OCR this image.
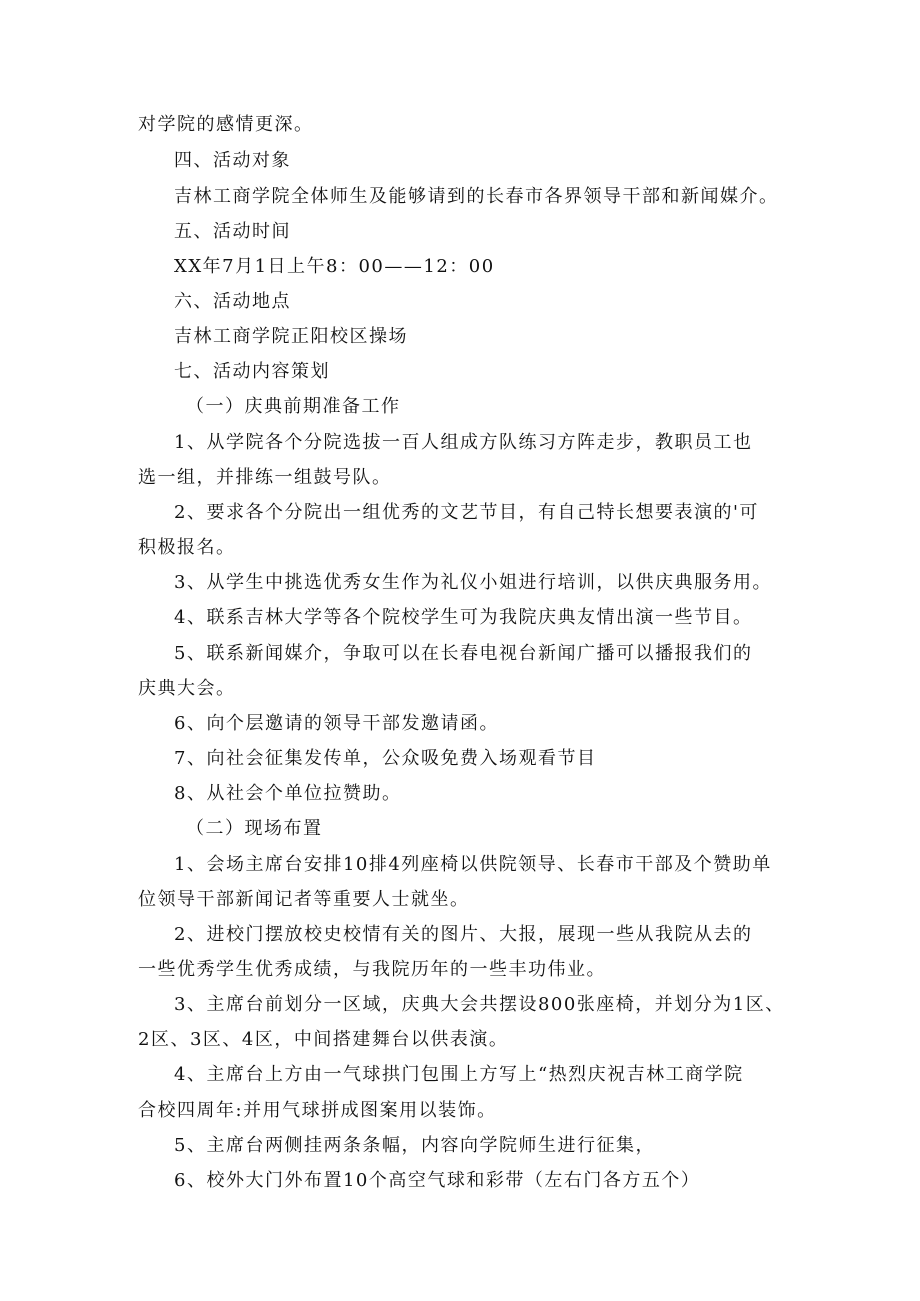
对学院的感情更深。
四、活动对象
吉林工商学院全体师生及能够请到的长春市各界领导干部和新闻媒介。
五、活动时间
XX年7月1日上午8：00——12：00
六、活动地点
吉林工商学院正阳校区操场
七、活动内容策划
（一）庆典前期准备工作
1、从学院各个分院选拔一百人组成方队练习方阵走步，教职员工也
选一组，并排练一组鼓号队。
2、要求各个分院出一组优秀的文艺节目，有自己特长想要表演的'可
积极报名。
3、从学生中挑选优秀女生作为礼仪小姐进行培训，以供庆典服务用。
4、联系吉林大学等各个院校学生可为我院庆典友情出演一些节目。
5、联系新闻媒介，争取可以在长春电视台新闻广播可以播报我们的
庆典大会。
6、向个层邀请的领导干部发邀请函。
7、向社会征集发传单，公众吸免费入场观看节目
8、从社会个单位拉赞助。
（二）现场布置
1、会场主席台安排10排4列座椅以供院领导、长春市干部及个赞助单
位领导干部新闻记者等重要人士就坐。
2、进校门摆放校史校情有关的图片、大报，展现一些从我院从去的
一些优秀学生优秀成绩，与我院历年的一些丰功伟业。
3、主席台前划分一区域，庆典大会共摆设800张座椅，并划分为1区、
2区、3区、4区，中间搭建舞台以供表演。
4、主席台上方由一气球拱门包围上方写上“热烈庆祝吉林工商学院
合校四周年:并用气球拼成图案用以装饰。
5、主席台两侧挂两条条幅，内容向学院师生进行征集，
6、校外大门外布置10个高空气球和彩带（左右门各方五个）
